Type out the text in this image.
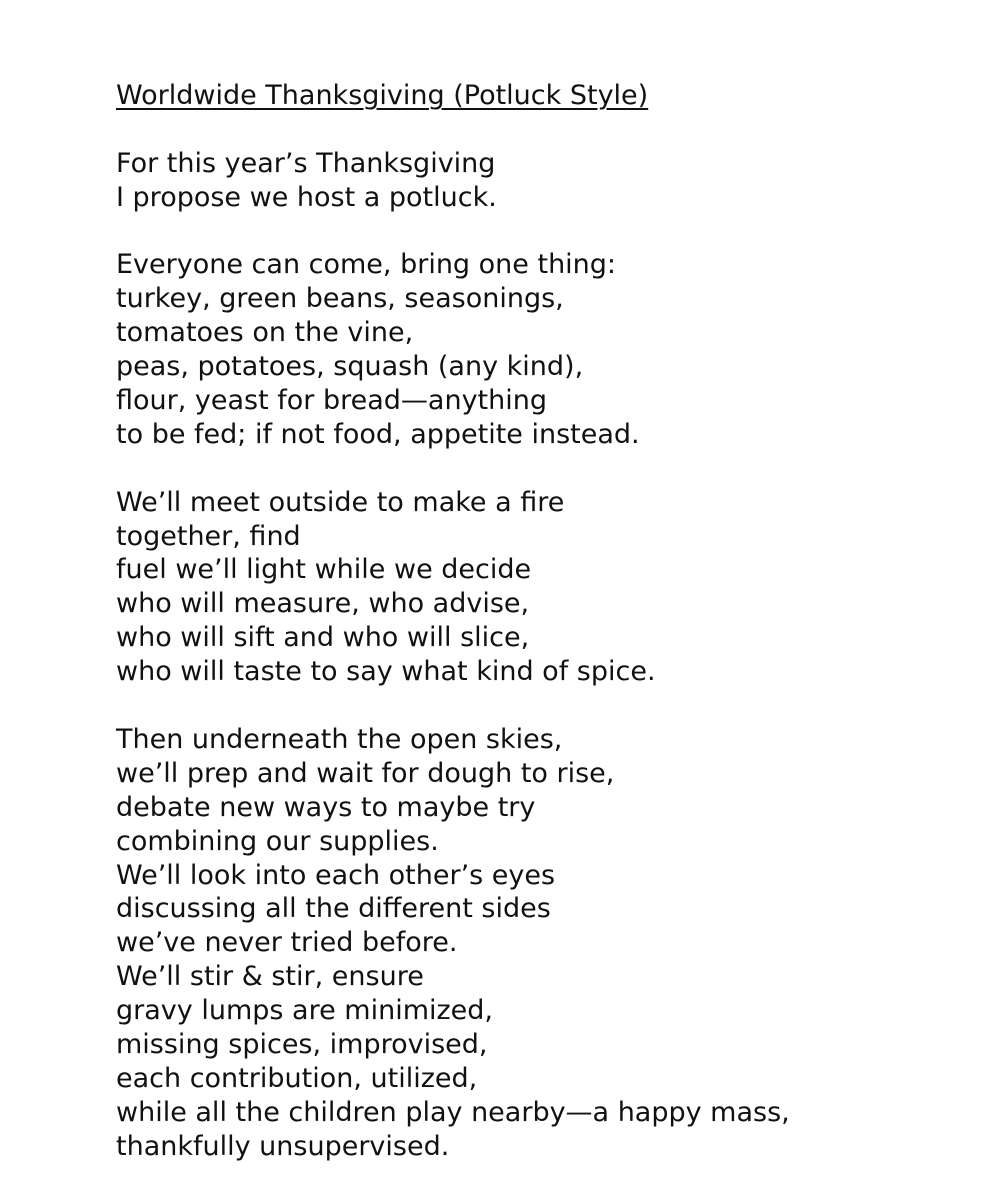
Worldwide Thanksgiving (Potluck Style)
For this year’s Thanksgiving
I propose we host a potluck.
Everyone can come, bring one thing:
turkey, green beans, seasonings,
tomatoes on the vine,
peas, potatoes, squash (any kind),
flour, yeast for bread—anything
to be fed; if not food, appetite instead.
We’ll meet outside to make a fire
together, find
fuel we’ll light while we decide
who will measure, who advise,
who will sift and who will slice,
who will taste to say what kind of spice.
Then underneath the open skies,
we’ll prep and wait for dough to rise,
debate new ways to maybe try
combining our supplies.
We’ll look into each other’s eyes
discussing all the different sides
we’ve never tried before.
We’ll stir & stir, ensure
gravy lumps are minimized,
missing spices, improvised,
each contribution, utilized,
while all the children play nearby—a happy mass,
thankfully unsupervised.
